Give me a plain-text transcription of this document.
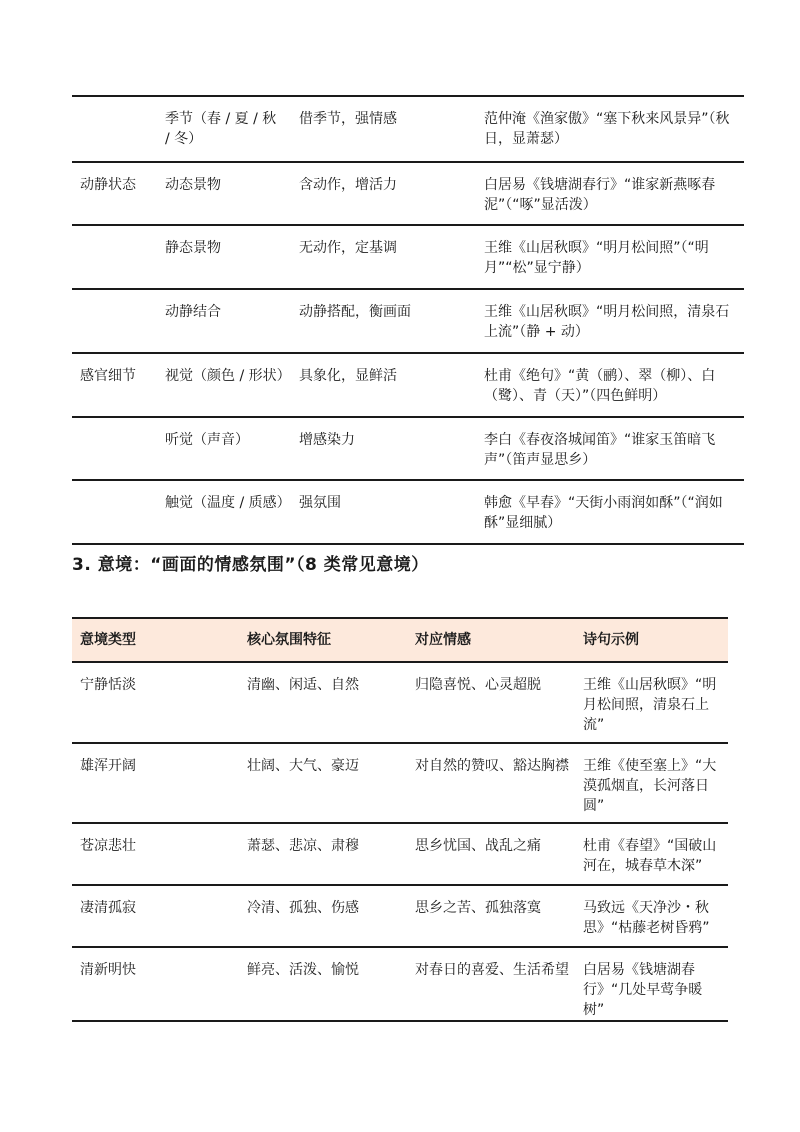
	季节（春 / 夏 / 秋 / 冬）	借季节，强情感	范仲淹《渔家傲》“塞下秋来风景异”（秋日，显萧瑟）
动静状态	动态景物	含动作，增活力	白居易《钱塘湖春行》“谁家新燕啄春泥”（“啄”显活泼）
	静态景物	无动作，定基调	王维《山居秋暝》“明月松间照”（“明月”“松”显宁静）
	动静结合	动静搭配，衡画面	王维《山居秋暝》“明月松间照，清泉石上流”（静 + 动）
感官细节	视觉（颜色 / 形状）	具象化，显鲜活	杜甫《绝句》“黄（鹂）、翠（柳）、白（鹭）、青（天）”（四色鲜明）
	听觉（声音）	增感染力	李白《春夜洛城闻笛》“谁家玉笛暗飞声”（笛声显思乡）
	触觉（温度 / 质感）	强氛围	韩愈《早春》“天街小雨润如酥”（“润如酥”显细腻）
3. 意境：“画面的情感氛围”（8 类常见意境）
意境类型	核心氛围特征	对应情感	诗句示例
宁静恬淡	清幽、闲适、自然	归隐喜悦、心灵超脱	王维《山居秋暝》“明月松间照，清泉石上流”
雄浑开阔	壮阔、大气、豪迈	对自然的赞叹、豁达胸襟	王维《使至塞上》“大漠孤烟直，长河落日圆”
苍凉悲壮	萧瑟、悲凉、肃穆	思乡忧国、战乱之痛	杜甫《春望》“国破山河在，城春草木深”
凄清孤寂	冷清、孤独、伤感	思乡之苦、孤独落寞	马致远《天净沙・秋思》“枯藤老树昏鸦”
清新明快	鲜亮、活泼、愉悦	对春日的喜爱、生活希望	白居易《钱塘湖春行》“几处早莺争暖树”
